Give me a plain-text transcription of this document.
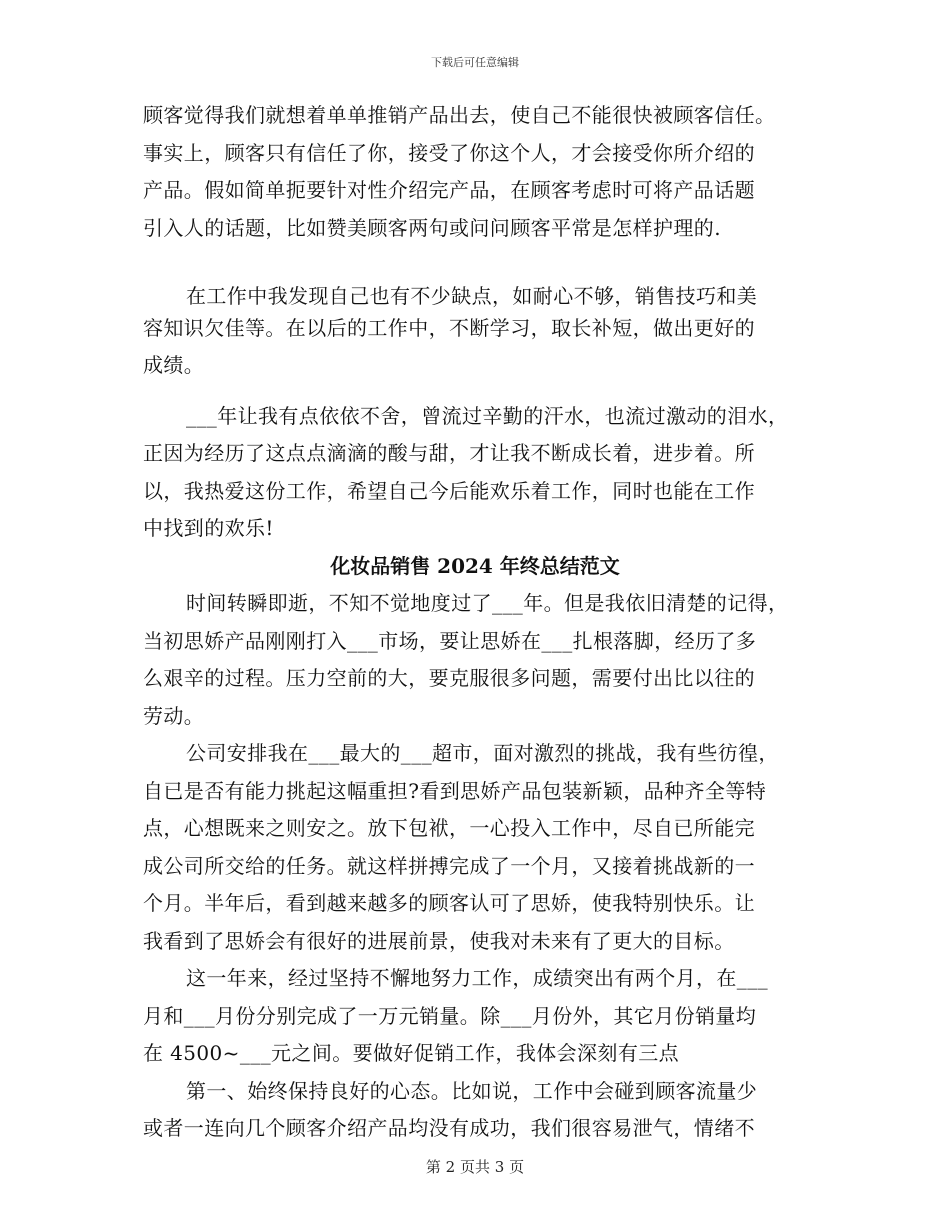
下载后可任意编辑
顾客觉得我们就想着单单推销产品出去，使自己不能很快被顾客信任。
事实上，顾客只有信任了你，接受了你这个人，才会接受你所介绍的
产品。假如简单扼要针对性介绍完产品，在顾客考虑时可将产品话题
引入人的话题，比如赞美顾客两句或问问顾客平常是怎样护理的.
在工作中我发现自己也有不少缺点，如耐心不够，销售技巧和美
容知识欠佳等。在以后的工作中，不断学习，取长补短，做出更好的
成绩。
___年让我有点依依不舍，曾流过辛勤的汗水，也流过激动的泪水，
正因为经历了这点点滴滴的酸与甜，才让我不断成长着，进步着。所
以，我热爱这份工作，希望自己今后能欢乐着工作，同时也能在工作
中找到的欢乐!
化妆品销售 2024 年终总结范文
时间转瞬即逝，不知不觉地度过了___年。但是我依旧清楚的记得，
当初思娇产品刚刚打入___市场，要让思娇在___扎根落脚，经历了多
么艰辛的过程。压力空前的大，要克服很多问题，需要付出比以往的
劳动。
公司安排我在___最大的___超市，面对激烈的挑战，我有些彷徨，
自已是否有能力挑起这幅重担?看到思娇产品包装新颖，品种齐全等特
点，心想既来之则安之。放下包袱，一心投入工作中，尽自已所能完
成公司所交给的任务。就这样拼搏完成了一个月，又接着挑战新的一
个月。半年后，看到越来越多的顾客认可了思娇，使我特别快乐。让
我看到了思娇会有很好的进展前景，使我对未来有了更大的目标。
这一年来，经过坚持不懈地努力工作，成绩突出有两个月，在___
月和___月份分别完成了一万元销量。除___月份外，其它月份销量均
在 4500~___元之间。要做好促销工作，我体会深刻有三点
第一、始终保持良好的心态。比如说，工作中会碰到顾客流量少
或者一连向几个顾客介绍产品均没有成功，我们很容易泄气，情绪不
第 2 页共 3 页
